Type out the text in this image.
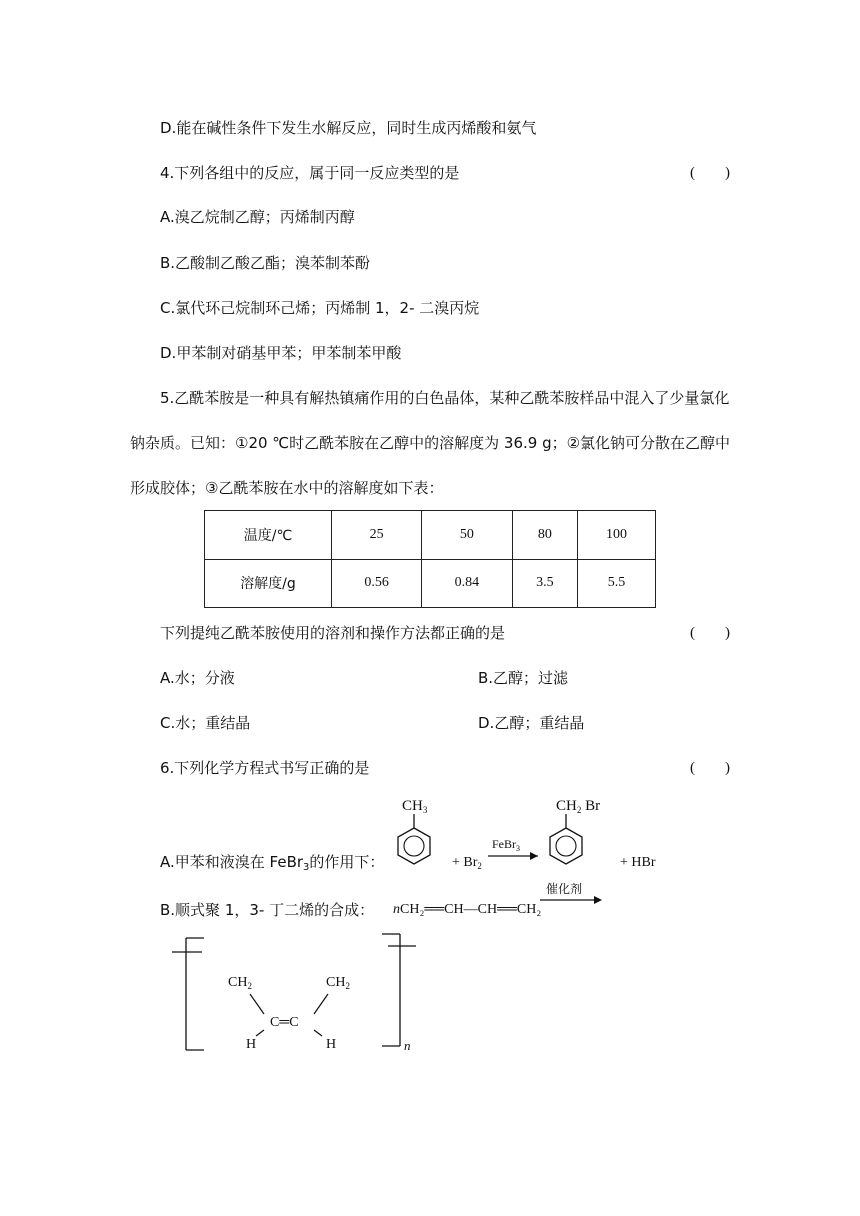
D.能在碱性条件下发生水解反应，同时生成丙烯酸和氨气
4.下列各组中的反应，属于同一反应类型的是	(　　)
A.溴乙烷制乙醇；丙烯制丙醇
B.乙酸制乙酸乙酯；溴苯制苯酚
C.氯代环己烷制环己烯；丙烯制 1，2- 二溴丙烷
D.甲苯制对硝基甲苯；甲苯制苯甲酸
5.乙酰苯胺是一种具有解热镇痛作用的白色晶体，某种乙酰苯胺样品中混入了少量氯化
钠杂质。已知：①20 ℃时乙酰苯胺在乙醇中的溶解度为 36.9 g；②氯化钠可分散在乙醇中
形成胶体；③乙酰苯胺在水中的溶解度如下表：
温度/℃	25	50	80	100
溶解度/g	0.56	0.84	3.5	5.5
下列提纯乙酰苯胺使用的溶剂和操作方法都正确的是	(　　)
A.水；分液	B.乙醇；过滤
C.水；重结晶	D.乙醇；重结晶
6.下列化学方程式书写正确的是	(　　)
A.甲苯和液溴在 FeBr$_3$的作用下：
$CH_3$
+ $Br_2$
FeBr$_3$
$CH_2$ Br
+ HBr
B.顺式聚 1，3- 丁二烯的合成： nCH₂══CH—CH══CH₂
催化剂
$CH_2$	$CH_2$
C═C
H	H	n
